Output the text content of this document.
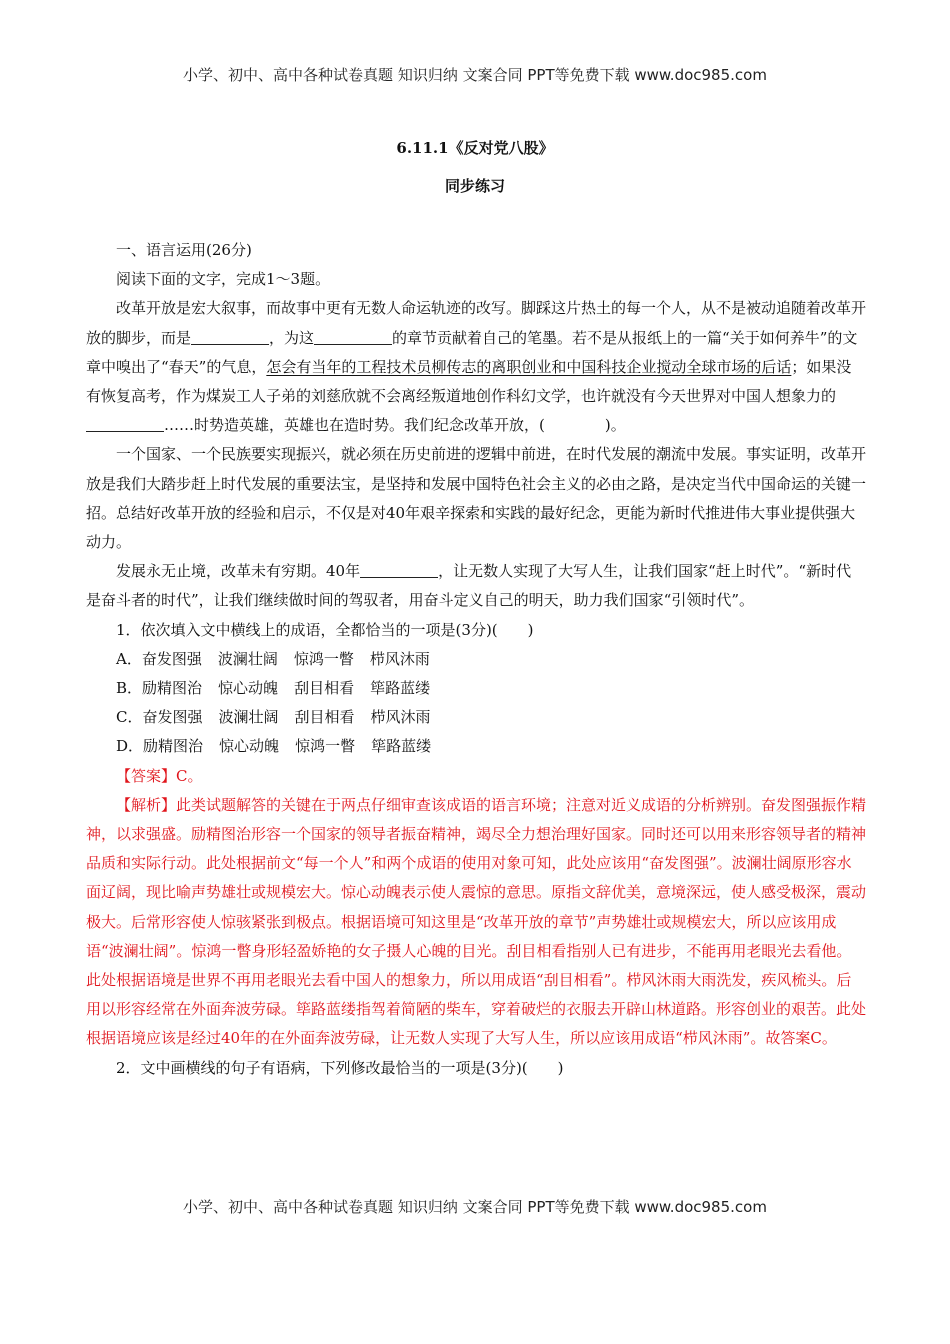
小学、初中、高中各种试卷真题 知识归纳 文案合同 PPT等免费下载 www.doc985.com
6.11.1《反对党八股》
同步练习

一、语言运用(26分)

阅读下面的文字，完成1～3题。

改革开放是宏大叙事，而故事中更有无数人命运轨迹的改写。脚踩这片热土的每一个人，从不是被动追随着改革开放的脚步，而是	，为这	的章节贡献着自己的笔墨。若不是从报纸上的一篇“关于如何养牛”的文章中嗅出了“春天”的气息，怎会有当年的工程技术员柳传志的离职创业和中国科技企业搅动全球市场的后话；如果没有恢复高考，作为煤炭工人子弟的刘慈欣就不会离经叛道地创作科幻文学，也许就没有今天世界对中国人想象力的……时势造英雄，英雄也在造时势。我们纪念改革开放，(	)。

一个国家、一个民族要实现振兴，就必须在历史前进的逻辑中前进，在时代发展的潮流中发展。事实证明，改革开放是我们大踏步赶上时代发展的重要法宝，是坚持和发展中国特色社会主义的必由之路，是决定当代中国命运的关键一招。总结好改革开放的经验和启示，不仅是对40年艰辛探索和实践的最好纪念，更能为新时代推进伟大事业提供强大动力。

发展永无止境，改革未有穷期。40年	，让无数人实现了大写人生，让我们国家“赶上时代”。“新时代是奋斗者的时代”，让我们继续做时间的驾驭者，用奋斗定义自己的明天，助力我们国家“引领时代”。

1．依次填入文中横线上的成语，全都恰当的一项是(3分)(　　)

A．奋发图强 波澜壮阔 惊鸿一瞥 栉风沐雨

B．励精图治 惊心动魄 刮目相看 筚路蓝缕

C．奋发图强 波澜壮阔 刮目相看 栉风沐雨

D．励精图治 惊心动魄 惊鸿一瞥 筚路蓝缕

【答案】C。

【解析】此类试题解答的关键在于两点仔细审查该成语的语言环境；注意对近义成语的分析辨别。奋发图强振作精神，以求强盛。励精图治形容一个国家的领导者振奋精神，竭尽全力想治理好国家。同时还可以用来形容领导者的精神品质和实际行动。此处根据前文“每一个人”和两个成语的使用对象可知，此处应该用“奋发图强”。波澜壮阔原形容水面辽阔，现比喻声势雄壮或规模宏大。惊心动魄表示使人震惊的意思。原指文辞优美，意境深远，使人感受极深，震动极大。后常形容使人惊骇紧张到极点。根据语境可知这里是“改革开放的章节”声势雄壮或规模宏大，所以应该用成语“波澜壮阔”。惊鸿一瞥身形轻盈娇艳的女子摄人心魄的目光。刮目相看指别人已有进步，不能再用老眼光去看他。此处根据语境是世界不再用老眼光去看中国人的想象力，所以用成语“刮目相看”。栉风沐雨大雨洗发，疾风梳头。后用以形容经常在外面奔波劳碌。筚路蓝缕指驾着简陋的柴车，穿着破烂的衣服去开辟山林道路。形容创业的艰苦。此处根据语境应该是经过40年的在外面奔波劳碌，让无数人实现了大写人生，所以应该用成语“栉风沐雨”。故答案C。

2．文中画横线的句子有语病，下列修改最恰当的一项是(3分)(　　)

小学、初中、高中各种试卷真题 知识归纳 文案合同 PPT等免费下载 www.doc985.com
